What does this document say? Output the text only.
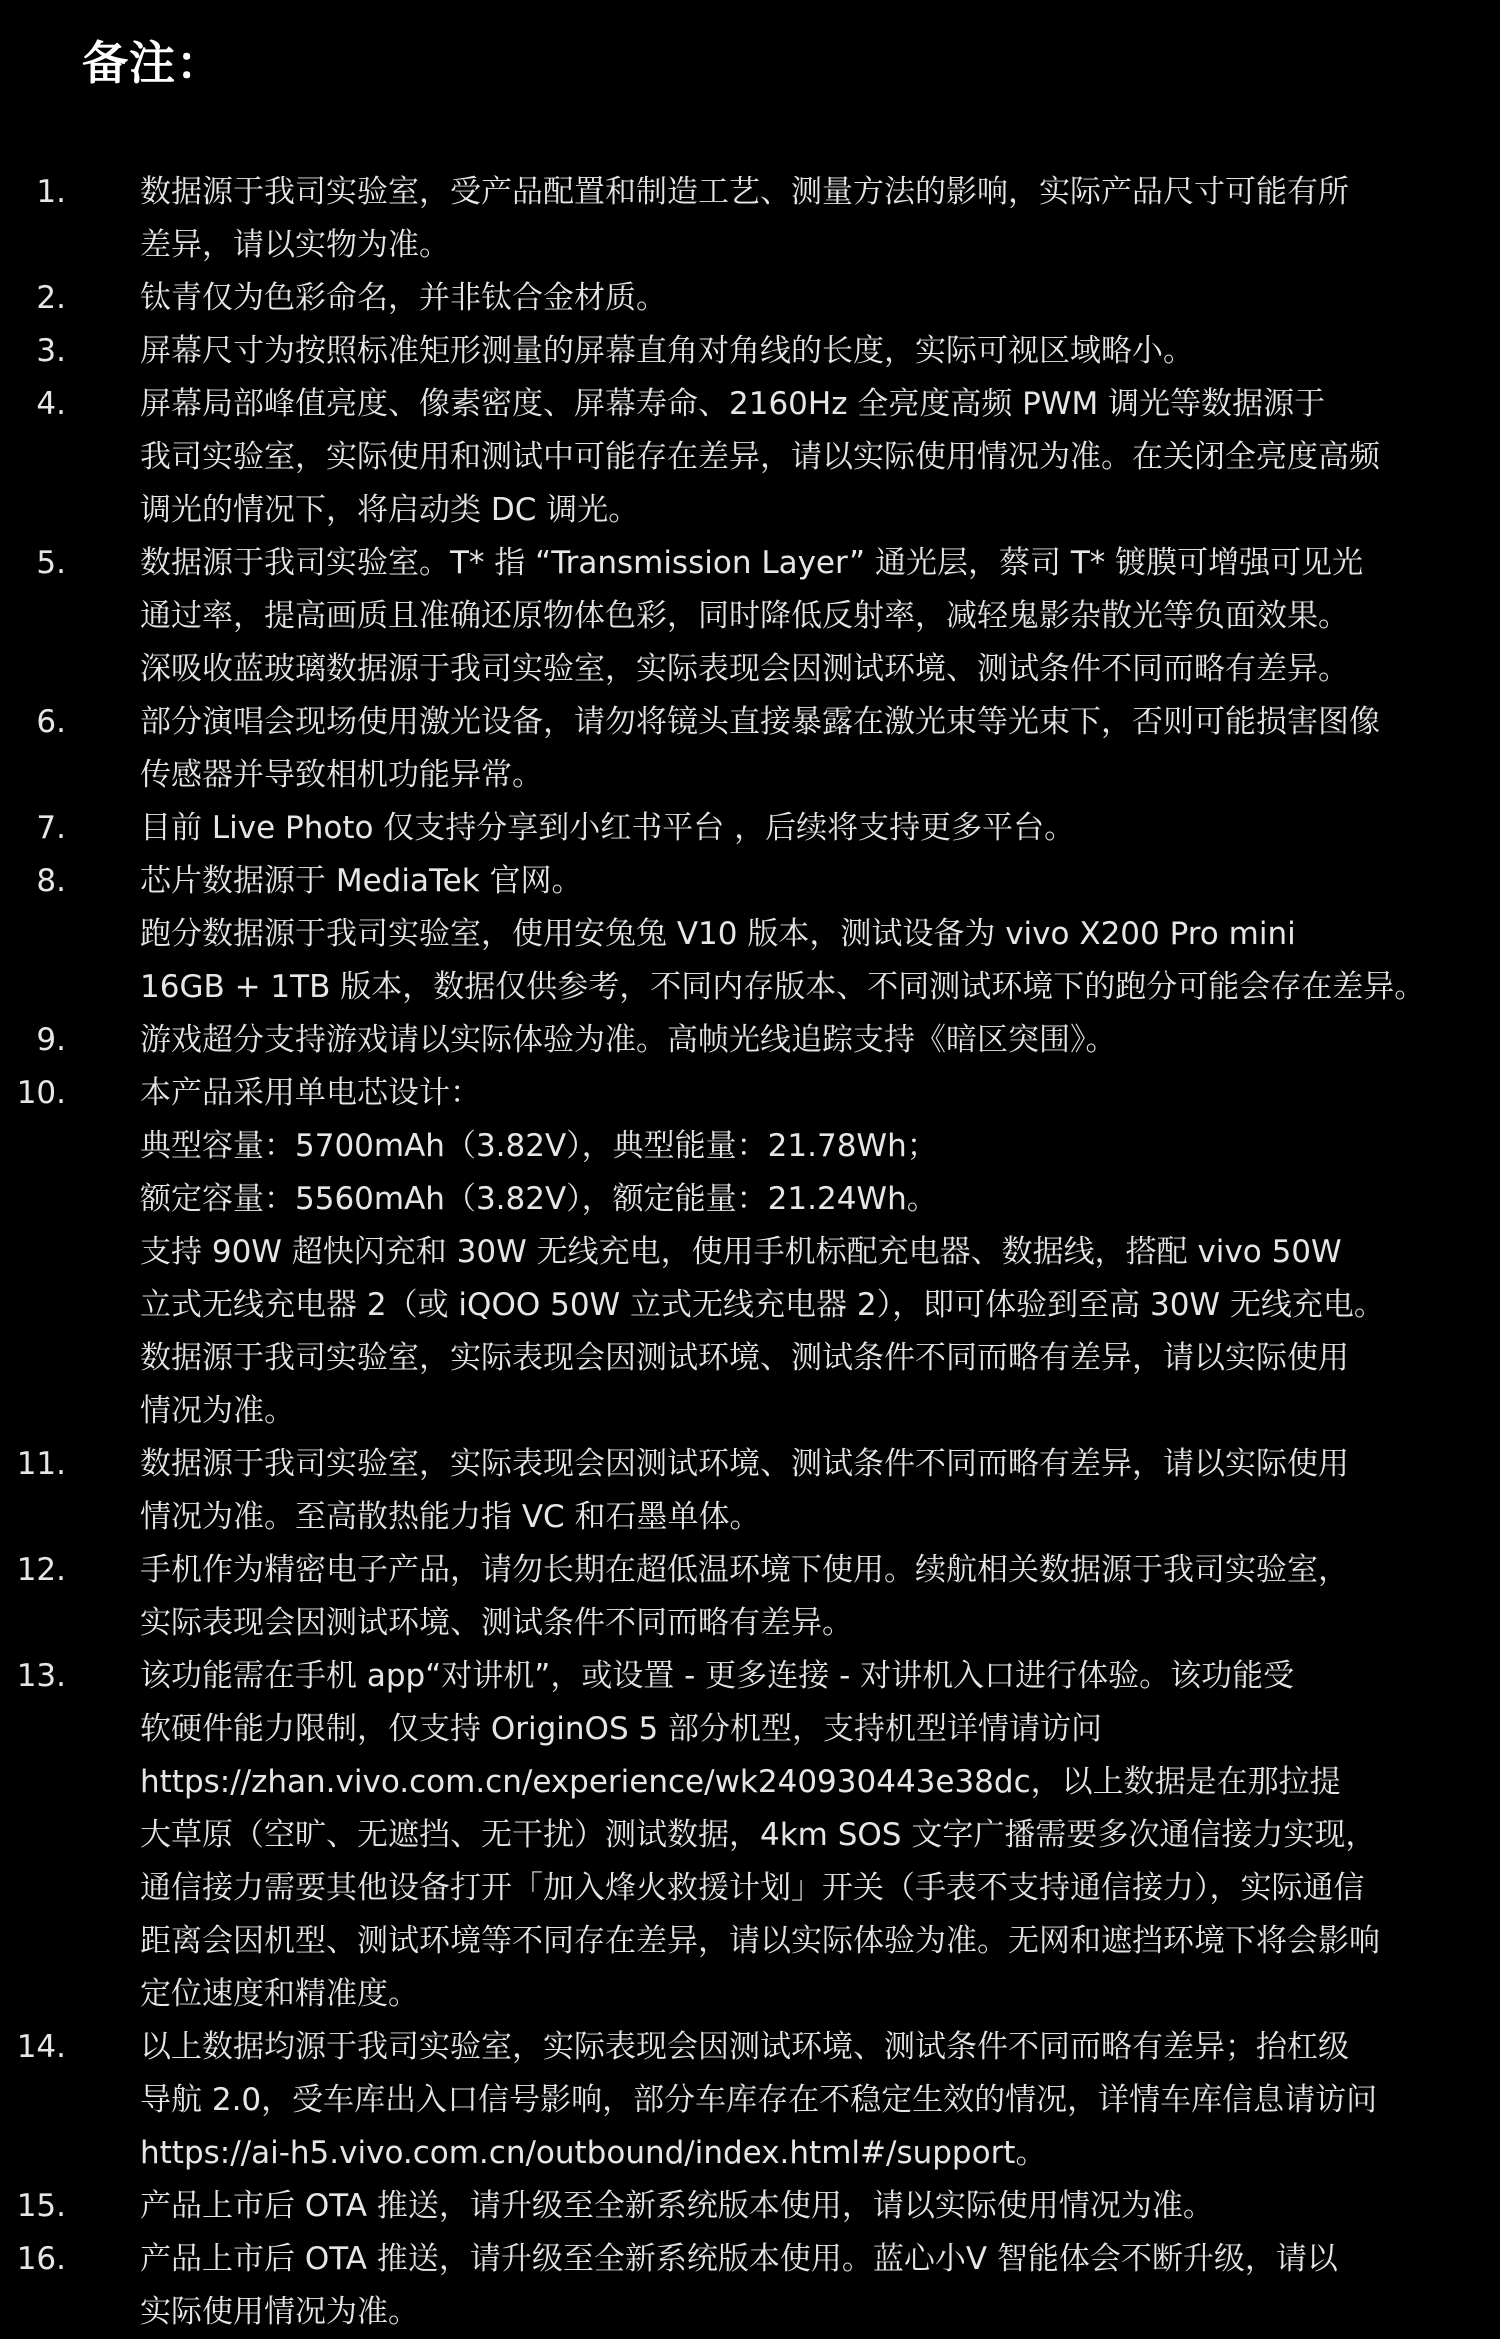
备注：
1. 数据源于我司实验室，受产品配置和制造工艺、测量方法的影响，实际产品尺寸可能有所
差异，请以实物为准。
2. 钛青仅为色彩命名，并非钛合金材质。
3. 屏幕尺寸为按照标准矩形测量的屏幕直角对角线的长度，实际可视区域略小。
4. 屏幕局部峰值亮度、像素密度、屏幕寿命、2160Hz 全亮度高频 PWM 调光等数据源于
我司实验室，实际使用和测试中可能存在差异，请以实际使用情况为准。在关闭全亮度高频
调光的情况下，将启动类 DC 调光。
5. 数据源于我司实验室。T* 指 “Transmission Layer” 通光层，蔡司 T* 镀膜可增强可见光
通过率，提高画质且准确还原物体色彩，同时降低反射率，减轻鬼影杂散光等负面效果。
深吸收蓝玻璃数据源于我司实验室，实际表现会因测试环境、测试条件不同而略有差异。
6. 部分演唱会现场使用激光设备，请勿将镜头直接暴露在激光束等光束下，否则可能损害图像
传感器并导致相机功能异常。
7. 目前 Live Photo 仅支持分享到小红书平台 ，后续将支持更多平台。
8. 芯片数据源于 MediaTek 官网。
跑分数据源于我司实验室，使用安兔兔 V10 版本，测试设备为 vivo X200 Pro mini
16GB + 1TB 版本，数据仅供参考，不同内存版本、不同测试环境下的跑分可能会存在差异。
9. 游戏超分支持游戏请以实际体验为准。高帧光线追踪支持《暗区突围》。
10. 本产品采用单电芯设计：
典型容量：5700mAh（3.82V），典型能量：21.78Wh；
额定容量：5560mAh（3.82V），额定能量：21.24Wh。
支持 90W 超快闪充和 30W 无线充电，使用手机标配充电器、数据线，搭配 vivo 50W
立式无线充电器 2（或 iQOO 50W 立式无线充电器 2），即可体验到至高 30W 无线充电。
数据源于我司实验室，实际表现会因测试环境、测试条件不同而略有差异，请以实际使用
情况为准。
11. 数据源于我司实验室，实际表现会因测试环境、测试条件不同而略有差异，请以实际使用
情况为准。至高散热能力指 VC 和石墨单体。
12. 手机作为精密电子产品，请勿长期在超低温环境下使用。续航相关数据源于我司实验室，
实际表现会因测试环境、测试条件不同而略有差异。
13. 该功能需在手机 app“对讲机”，或设置 - 更多连接 - 对讲机入口进行体验。该功能受
软硬件能力限制，仅支持 OriginOS 5 部分机型，支持机型详情请访问
https://zhan.vivo.com.cn/experience/wk240930443e38dc，以上数据是在那拉提
大草原（空旷、无遮挡、无干扰）测试数据，4km SOS 文字广播需要多次通信接力实现，
通信接力需要其他设备打开「加入烽火救援计划」开关（手表不支持通信接力），实际通信
距离会因机型、测试环境等不同存在差异，请以实际体验为准。无网和遮挡环境下将会影响
定位速度和精准度。
14. 以上数据均源于我司实验室，实际表现会因测试环境、测试条件不同而略有差异；抬杠级
导航 2.0，受车库出入口信号影响，部分车库存在不稳定生效的情况，详情车库信息请访问
https://ai-h5.vivo.com.cn/outbound/index.html#/support。
15. 产品上市后 OTA 推送，请升级至全新系统版本使用，请以实际使用情况为准。
16. 产品上市后 OTA 推送，请升级至全新系统版本使用。蓝心小V 智能体会不断升级，请以
实际使用情况为准。
